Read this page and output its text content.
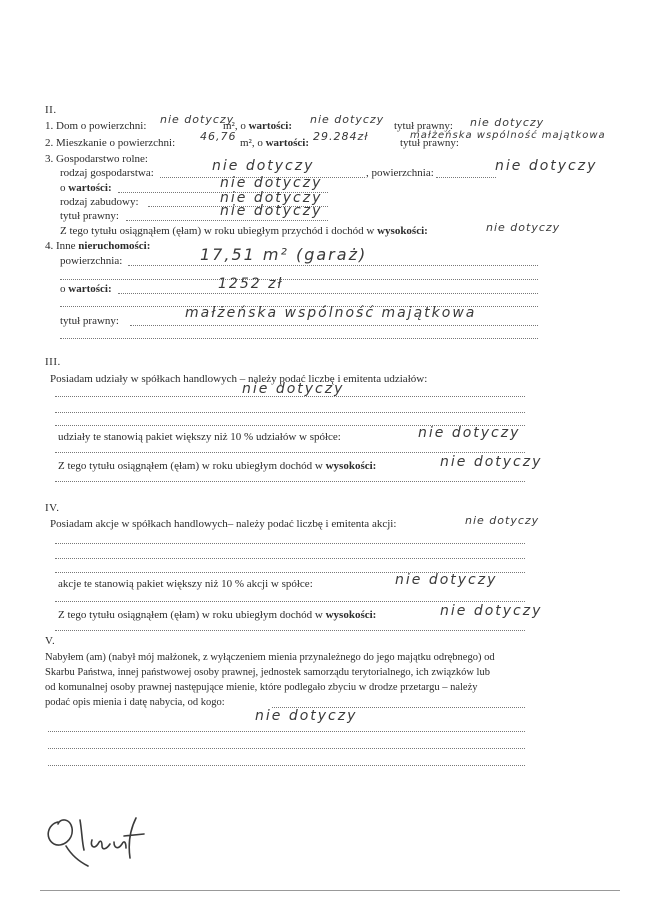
II.
1. Dom o powierzchni: nie dotyczy
m², o wartości: nie dotyczy tytuł prawny: nie dotyczy
2. Mieszkanie o powierzchni: 46,76 m², o wartości: 29.284zł	tytuł prawny:
małżeńska wspólność majątkowa
3. Gospodarstwo rolne:
rodzaj gospodarstwa:	nie dotyczy	, powierzchnia:	nie dotyczy
o wartości:	nie dotyczy
rodzaj zabudowy:	nie dotyczy
tytuł prawny:	nie dotyczy
Z tego tytułu osiągnąłem (ęłam) w roku ubiegłym przychód i dochód w wysokości:	nie dotyczy
4. Inne nieruchomości:
powierzchnia:	17,51 m² (garaż)
o wartości:	1252 zł
tytuł prawny:	małżeńska wspólność majątkowa
III.
Posiadam udziały w spółkach handlowych – należy podać liczbę i emitenta udziałów:
nie dotyczy
udziały te stanowią pakiet większy niż 10 % udziałów w spółce:	nie dotyczy
Z tego tytułu osiągnąłem (ęłam) w roku ubiegłym dochód w wysokości:	nie dotyczy
IV.
Posiadam akcje w spółkach handlowych– należy podać liczbę i emitenta akcji:	nie dotyczy
akcje te stanowią pakiet większy niż 10 % akcji w spółce:	nie dotyczy
Z tego tytułu osiągnąłem (ęłam) w roku ubiegłym dochód w wysokości:	nie dotyczy
V.
Nabyłem (am) (nabył mój małżonek, z wyłączeniem mienia przynależnego do jego majątku odrębnego) od
Skarbu Państwa, innej państwowej osoby prawnej, jednostek samorządu terytorialnego, ich związków lub
od komunalnej osoby prawnej następujące mienie, które podlegało zbyciu w drodze przetargu – należy
podać opis mienia i datę nabycia, od kogo:
nie dotyczy
